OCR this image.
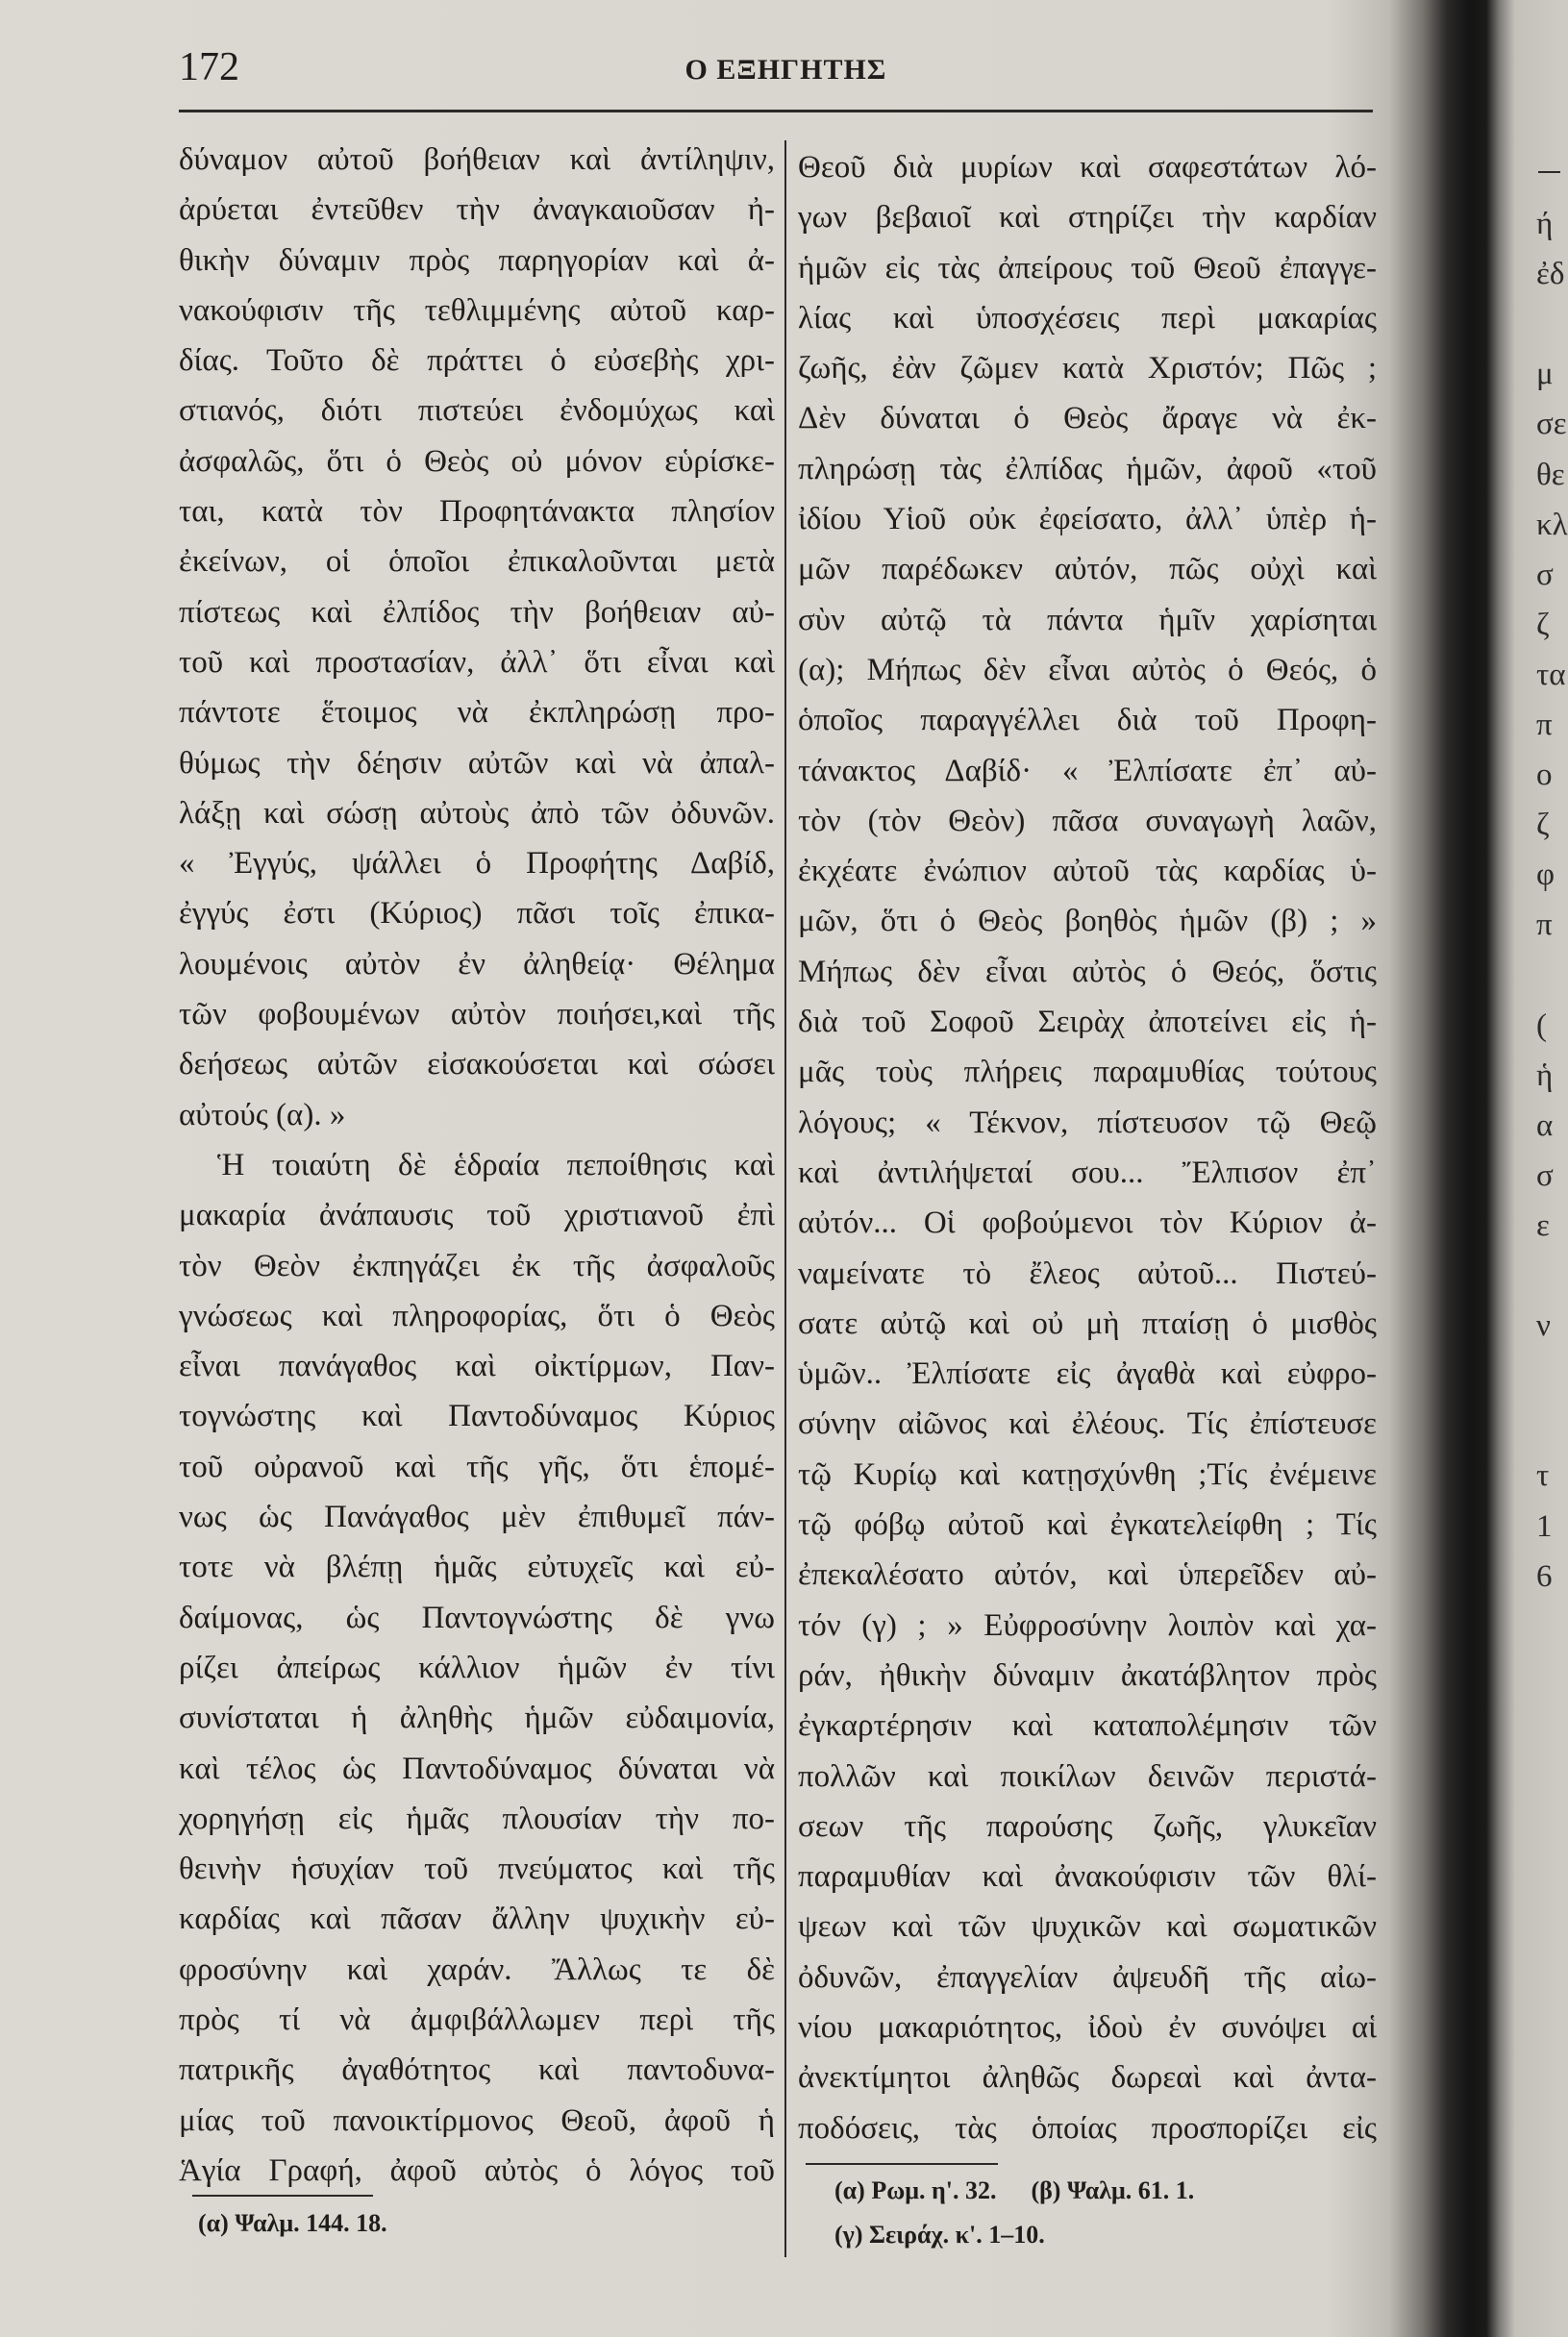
172	Ο ΕΞΗΓΗΤΗΣ
δύναμον αὐτοῦ βοήθειαν καὶ ἀντίληψιν,
ἀρύεται ἐντεῦθεν τὴν ἀναγκαιοῦσαν ἠ-
θικὴν δύναμιν πρὸς παρηγορίαν καὶ ἀ-
νακούφισιν τῆς τεθλιμμένης αὐτοῦ καρ-
δίας. Τοῦτο δὲ πράττει ὁ εὐσεβὴς χρι-
στιανός, διότι πιστεύει ἐνδομύχως καὶ
ἀσφαλῶς, ὅτι ὁ Θεὸς οὐ μόνον εὑρίσκε-
ται, κατὰ τὸν Προφητάνακτα πλησίον
ἐκείνων, οἱ ὁποῖοι ἐπικαλοῦνται μετὰ
πίστεως καὶ ἐλπίδος τὴν βοήθειαν αὐ-
τοῦ καὶ προστασίαν, ἀλλ᾽ ὅτι εἶναι καὶ
πάντοτε ἕτοιμος νὰ ἐκπληρώσῃ προ-
θύμως τὴν δέησιν αὐτῶν καὶ νὰ ἀπαλ-
λάξῃ καὶ σώσῃ αὐτοὺς ἀπὸ τῶν ὀδυνῶν.
« Ἐγγύς, ψάλλει ὁ Προφήτης Δαβίδ,
ἐγγύς ἐστι (Κύριος) πᾶσι τοῖς ἐπικα-
λουμένοις αὐτὸν ἐν ἀληθείᾳ· Θέλημα
τῶν φοβουμένων αὐτὸν ποιήσει,καὶ τῆς
δεήσεως αὐτῶν εἰσακούσεται καὶ σώσει
αὐτούς (α). »
Ἡ τοιαύτη δὲ ἑδραία πεποίθησις καὶ
μακαρία ἀνάπαυσις τοῦ χριστιανοῦ ἐπὶ
τὸν Θεὸν ἐκπηγάζει ἐκ τῆς ἀσφαλοῦς
γνώσεως καὶ πληροφορίας, ὅτι ὁ Θεὸς
εἶναι πανάγαθος καὶ οἰκτίρμων, Παν-
τογνώστης καὶ Παντοδύναμος Κύριος
τοῦ οὐρανοῦ καὶ τῆς γῆς, ὅτι ἑπομέ-
νως ὡς Πανάγαθος μὲν ἐπιθυμεῖ πάν-
τοτε νὰ βλέπῃ ἡμᾶς εὐτυχεῖς καὶ εὐ-
δαίμονας, ὡς Παντογνώστης δὲ γνω
ρίζει ἀπείρως κάλλιον ἡμῶν ἐν τίνι
συνίσταται ἡ ἀληθὴς ἡμῶν εὐδαιμονία,
καὶ τέλος ὡς Παντοδύναμος δύναται νὰ
χορηγήσῃ εἰς ἡμᾶς πλουσίαν τὴν πο-
θεινὴν ἡσυχίαν τοῦ πνεύματος καὶ τῆς
καρδίας καὶ πᾶσαν ἄλλην ψυχικὴν εὐ-
φροσύνην καὶ χαράν. Ἄλλως τε δὲ
πρὸς τί νὰ ἀμφιβάλλωμεν περὶ τῆς
πατρικῆς ἀγαθότητος καὶ παντοδυνα-
μίας τοῦ πανοικτίρμονος Θεοῦ, ἀφοῦ ἡ
Ἁγία Γραφή, ἀφοῦ αὐτὸς ὁ λόγος τοῦ
Θεοῦ διὰ μυρίων καὶ σαφεστάτων λό-
γων βεβαιοῖ καὶ στηρίζει τὴν καρδίαν
ἡμῶν εἰς τὰς ἀπείρους τοῦ Θεοῦ ἐπαγγε-
λίας καὶ ὑποσχέσεις περὶ μακαρίας
ζωῆς, ἐὰν ζῶμεν κατὰ Χριστόν; Πῶς ;
Δὲν δύναται ὁ Θεὸς ἄραγε νὰ ἐκ-
πληρώσῃ τὰς ἐλπίδας ἡμῶν, ἀφοῦ «τοῦ
ἰδίου Υἱοῦ οὐκ ἐφείσατο, ἀλλ᾽ ὑπὲρ ἡ-
μῶν παρέδωκεν αὐτόν, πῶς οὐχὶ καὶ
σὺν αὐτῷ τὰ πάντα ἡμῖν χαρίσηται
(α); Μήπως δὲν εἶναι αὐτὸς ὁ Θεός, ὁ
ὁποῖος παραγγέλλει διὰ τοῦ Προφη-
τάνακτος Δαβίδ· « Ἐλπίσατε ἐπ᾽ αὐ-
τὸν (τὸν Θεὸν) πᾶσα συναγωγὴ λαῶν,
ἐκχέατε ἐνώπιον αὐτοῦ τὰς καρδίας ὑ-
μῶν, ὅτι ὁ Θεὸς βοηθὸς ἡμῶν (β) ; »
Μήπως δὲν εἶναι αὐτὸς ὁ Θεός, ὅστις
διὰ τοῦ Σοφοῦ Σειρὰχ ἀποτείνει εἰς ἡ-
μᾶς τοὺς πλήρεις παραμυθίας τούτους
λόγους; « Τέκνον, πίστευσον τῷ Θεῷ
καὶ ἀντιλήψεταί σου... Ἔλπισον ἐπ᾽
αὐτόν... Οἱ φοβούμενοι τὸν Κύριον ἀ-
ναμείνατε τὸ ἔλεος αὐτοῦ... Πιστεύ-
σατε αὐτῷ καὶ οὐ μὴ πταίσῃ ὁ μισθὸς
ὑμῶν.. Ἐλπίσατε εἰς ἀγαθὰ καὶ εὐφρο-
σύνην αἰῶνος καὶ ἐλέους. Τίς ἐπίστευσε
τῷ Κυρίῳ καὶ κατῃσχύνθη ;Τίς ἐνέμεινε
τῷ φόβῳ αὐτοῦ καὶ ἐγκατελείφθη ; Τίς
ἐπεκαλέσατο αὐτόν, καὶ ὑπερεῖδεν αὐ-
τόν (γ) ; » Εὐφροσύνην λοιπὸν καὶ χα-
ράν, ἠθικὴν δύναμιν ἀκατάβλητον πρὸς
ἐγκαρτέρησιν καὶ καταπολέμησιν τῶν
πολλῶν καὶ ποικίλων δεινῶν περιστά-
σεων τῆς παρούσης ζωῆς, γλυκεῖαν
παραμυθίαν καὶ ἀνακούφισιν τῶν θλί-
ψεων καὶ τῶν ψυχικῶν καὶ σωματικῶν
ὀδυνῶν, ἐπαγγελίαν ἀψευδῆ τῆς αἰω-
νίου μακαριότητος, ἰδοὺ ἐν συνόψει αἱ
ἀνεκτίμητοι ἀληθῶς δωρεαὶ καὶ ἀντα-
ποδόσεις, τὰς ὁποίας προσπορίζει εἰς
(α) Ψαλμ. 144. 18.
(α) Ρωμ. η'. 32. (β) Ψαλμ. 61. 1.
(γ) Σειράχ. κ'. 1–10.
ή
ἐδ
μ
σε
θε
κλ
σ
ζ
τα
π
ο
ζ
φ
π
(
ἡ
α
σ
ε
ν
τ
1
6
